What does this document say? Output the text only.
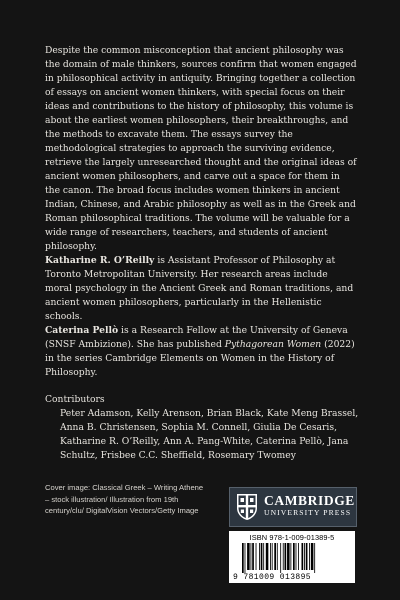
Despite the common misconception that ancient philosophy was the domain of male thinkers, sources confirm that women engaged in philosophical activity in antiquity. Bringing together a collection of essays on ancient women thinkers, with special focus on their ideas and contributions to the history of philosophy, this volume is about the earliest women philosophers, their breakthroughs, and the methods to excavate them. The essays survey the methodological strategies to approach the surviving evidence, retrieve the largely unresearched thought and the original ideas of ancient women philosophers, and carve out a space for them in the canon. The broad focus includes women thinkers in ancient Indian, Chinese, and Arabic philosophy as well as in the Greek and Roman philosophical traditions. The volume will be valuable for a wide range of researchers, teachers, and students of ancient philosophy.

Katharine R. O’Reilly is Assistant Professor of Philosophy at Toronto Metropolitan University. Her research areas include moral psychology in the Ancient Greek and Roman traditions, and ancient women philosophers, particularly in the Hellenistic schools.

Caterina Pellò is a Research Fellow at the University of Geneva (SNSF Ambizione). She has published Pythagorean Women (2022) in the series Cambridge Elements on Women in the History of Philosophy.

Contributors
Peter Adamson, Kelly Arenson, Brian Black, Kate Meng Brassel, Anna B. Christensen, Sophia M. Connell, Giulia De Cesaris, Katharine R. O’Reilly, Ann A. Pang-White, Caterina Pellò, Jana Schultz, Frisbee C.C. Sheffield, Rosemary Twomey
Cover image: Classical Greek – Writing Athene – stock illustration/ Illustration from 19th century/clu/ DigitalVision Vectors/Getty Image
CAMBRIDGE
UNIVERSITY PRESS
ISBN 978-1-009-01389-5
9 781009 013895
